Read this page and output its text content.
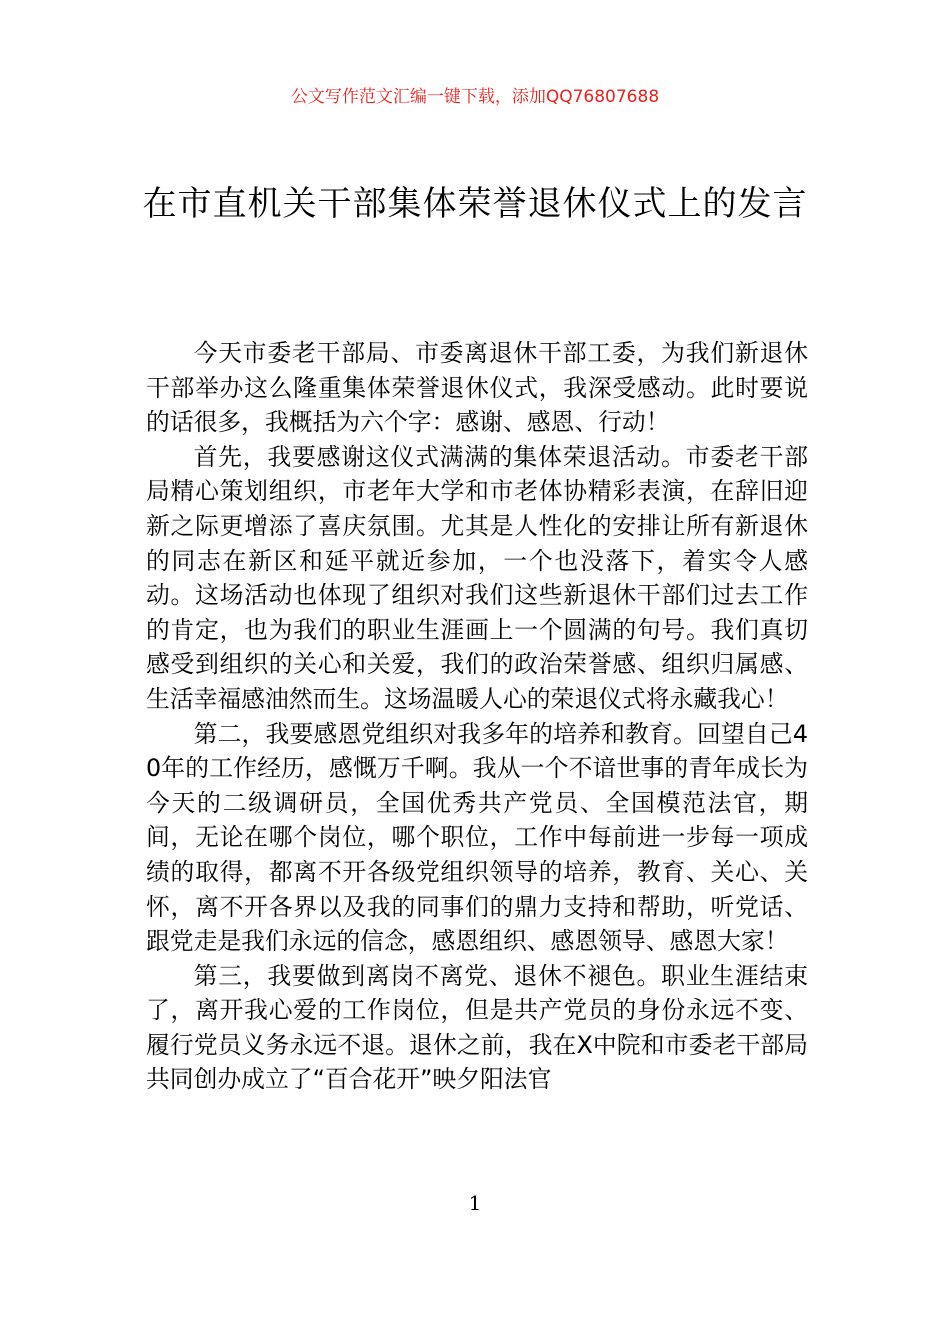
公文写作范文汇编一键下载，添加QQ76807688
在市直机关干部集体荣誉退休仪式上的发言

今天市委老干部局、市委离退休干部工委，为我们新退休干部举办这么隆重集体荣誉退休仪式，我深受感动。此时要说的话很多，我概括为六个字：感谢、感恩、行动！

首先，我要感谢这仪式满满的集体荣退活动。市委老干部局精心策划组织，市老年大学和市老体协精彩表演，在辞旧迎新之际更增添了喜庆氛围。尤其是人性化的安排让所有新退休的同志在新区和延平就近参加，一个也没落下，着实令人感动。这场活动也体现了组织对我们这些新退休干部们过去工作的肯定，也为我们的职业生涯画上一个圆满的句号。我们真切感受到组织的关心和关爱，我们的政治荣誉感、组织归属感、生活幸福感油然而生。这场温暖人心的荣退仪式将永藏我心！

第二，我要感恩党组织对我多年的培养和教育。回望自己40年的工作经历，感慨万千啊。我从一个不谙世事的青年成长为今天的二级调研员，全国优秀共产党员、全国模范法官，期间，无论在哪个岗位，哪个职位，工作中每前进一步每一项成绩的取得，都离不开各级党组织领导的培养，教育、关心、关怀，离不开各界以及我的同事们的鼎力支持和帮助，听党话、跟党走是我们永远的信念，感恩组织、感恩领导、感恩大家！

第三，我要做到离岗不离党、退休不褪色。职业生涯结束了，离开我心爱的工作岗位，但是共产党员的身份永远不变、履行党员义务永远不退。退休之前，我在X中院和市委老干部局共同创办成立了“百合花开”映夕阳法官

1
